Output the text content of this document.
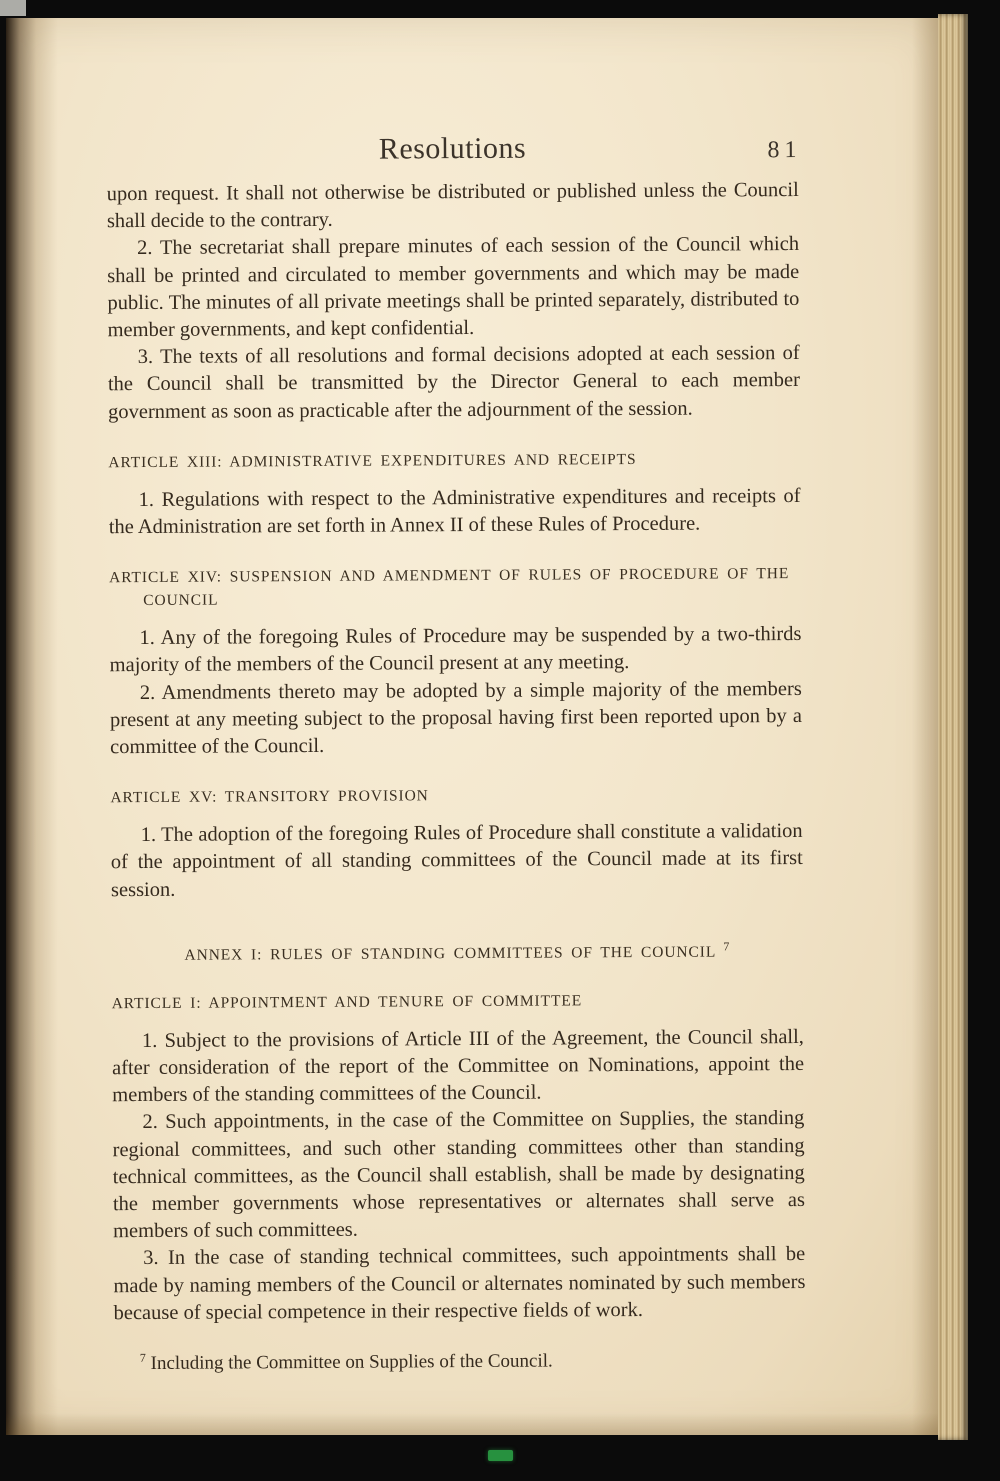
Resolutions	81

upon request. It shall not otherwise be distributed or published unless the Council shall decide to the contrary.

2. The secretariat shall prepare minutes of each session of the Council which shall be printed and circulated to member governments and which may be made public. The minutes of all private meetings shall be printed separately, distributed to member governments, and kept confidential.

3. The texts of all resolutions and formal decisions adopted at each session of the Council shall be transmitted by the Director General to each member government as soon as practicable after the adjournment of the session.

ARTICLE XIII: ADMINISTRATIVE EXPENDITURES AND RECEIPTS

1. Regulations with respect to the Administrative expenditures and receipts of the Administration are set forth in Annex II of these Rules of Procedure.

ARTICLE XIV: SUSPENSION AND AMENDMENT OF RULES OF PROCEDURE OF THE COUNCIL

1. Any of the foregoing Rules of Procedure may be suspended by a two-thirds majority of the members of the Council present at any meeting.

2. Amendments thereto may be adopted by a simple majority of the members present at any meeting subject to the proposal having first been reported upon by a committee of the Council.

ARTICLE XV: TRANSITORY PROVISION

1. The adoption of the foregoing Rules of Procedure shall constitute a validation of the appointment of all standing committees of the Council made at its first session.

ANNEX I: RULES OF STANDING COMMITTEES OF THE COUNCIL $^7$

ARTICLE I: APPOINTMENT AND TENURE OF COMMITTEE

1. Subject to the provisions of Article III of the Agreement, the Council shall, after consideration of the report of the Committee on Nominations, appoint the members of the standing committees of the Council.

2. Such appointments, in the case of the Committee on Supplies, the standing regional committees, and such other standing committees other than standing technical committees, as the Council shall establish, shall be made by designating the member governments whose representatives or alternates shall serve as members of such committees.

3. In the case of standing technical committees, such appointments shall be made by naming members of the Council or alternates nominated by such members because of special competence in their respective fields of work.

$^7$ Including the Committee on Supplies of the Council.
